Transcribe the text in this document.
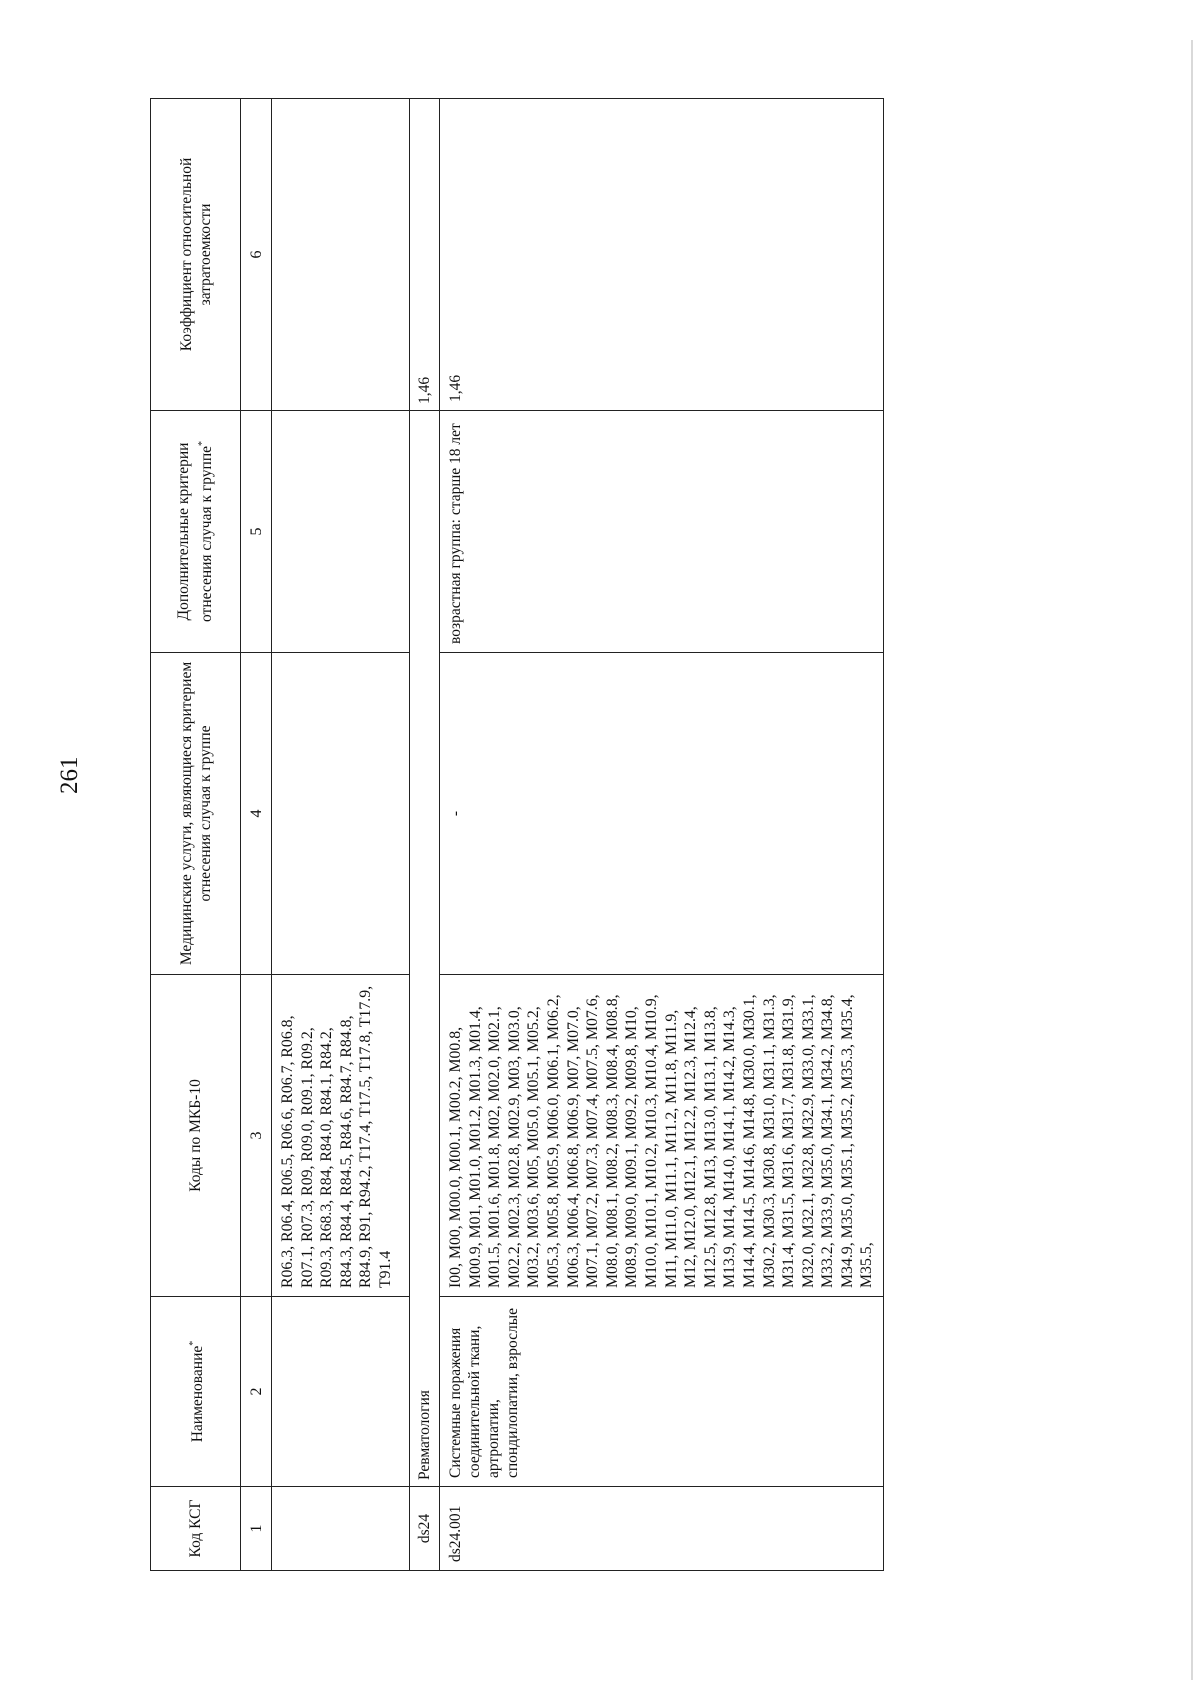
261
Код КСГ	Наименование*	Коды по МКБ-10	Медицинские услуги, являющиеся критерием отнесения случая к группе	Дополнительные критерии отнесения случая к группе*	Коэффициент относительной затратоемкости
1	2	3	4	5	6
		R06.3, R06.4, R06.5, R06.6, R06.7, R06.8, R07.1, R07.3, R09, R09.0, R09.1, R09.2, R09.3, R68.3, R84, R84.0, R84.1, R84.2, R84.3, R84.4, R84.5, R84.6, R84.7, R84.8, R84.9, R91, R94.2, T17.4, T17.5, T17.8, T17.9, T91.4			
ds24	Ревматология				1,46
ds24.001	Системные поражения соединительной ткани, артропатии, спондилопатии, взрослые	I00, M00, M00.0, M00.1, M00.2, M00.8, M00.9, M01, M01.0, M01.2, M01.3, M01.4, M01.5, M01.6, M01.8, M02, M02.0, M02.1, M02.2, M02.3, M02.8, M02.9, M03, M03.0, M03.2, M03.6, M05, M05.0, M05.1, M05.2, M05.3, M05.8, M05.9, M06.0, M06.1, M06.2, M06.3, M06.4, M06.8, M06.9, M07, M07.0, M07.1, M07.2, M07.3, M07.4, M07.5, M07.6, M08.0, M08.1, M08.2, M08.3, M08.4, M08.8, M08.9, M09.0, M09.1, M09.2, M09.8, M10, M10.0, M10.1, M10.2, M10.3, M10.4, M10.9, M11, M11.0, M11.1, M11.2, M11.8, M11.9, M12, M12.0, M12.1, M12.2, M12.3, M12.4, M12.5, M12.8, M13, M13.0, M13.1, M13.8, M13.9, M14, M14.0, M14.1, M14.2, M14.3, M14.4, M14.5, M14.6, M14.8, M30.0, M30.1, M30.2, M30.3, M30.8, M31.0, M31.1, M31.3, M31.4, M31.5, M31.6, M31.7, M31.8, M31.9, M32.0, M32.1, M32.8, M32.9, M33.0, M33.1, M33.2, M33.9, M35.0, M34.1, M34.2, M34.8, M34.9, M35.0, M35.1, M35.2, M35.3, M35.4, M35.5,	-	возрастная группа: старше 18 лет	1,46
